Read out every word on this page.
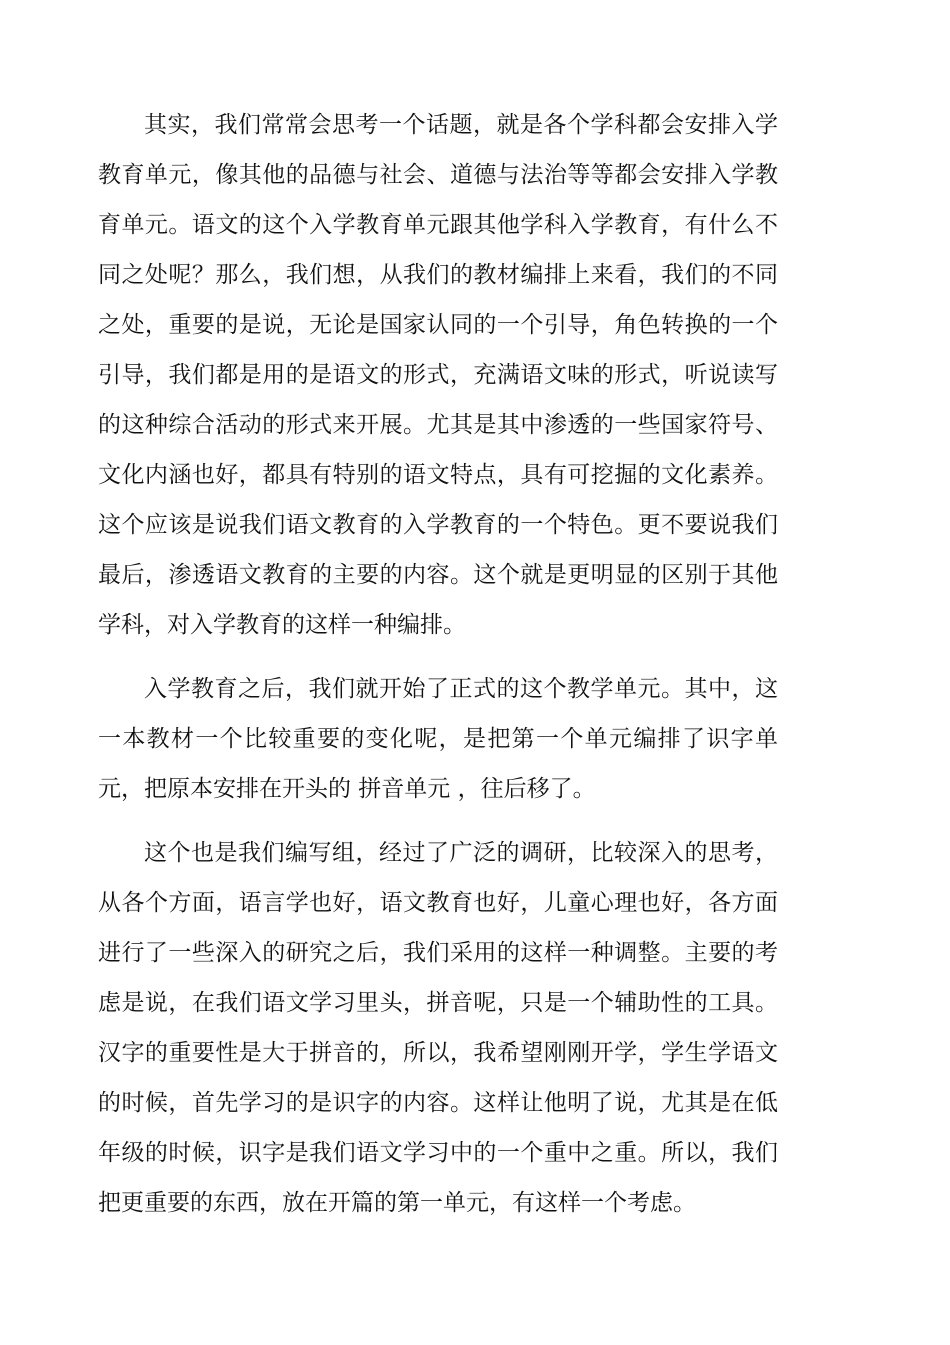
其实，我们常常会思考一个话题，就是各个学科都会安排入学教育单元，像其他的品德与社会、道德与法治等等都会安排入学教育单元。语文的这个入学教育单元跟其他学科入学教育，有什么不同之处呢？那么，我们想，从我们的教材编排上来看，我们的不同之处，重要的是说，无论是国家认同的一个引导，角色转换的一个引导，我们都是用的是语文的形式，充满语文味的形式，听说读写的这种综合活动的形式来开展。尤其是其中渗透的一些国家符号、文化内涵也好，都具有特别的语文特点，具有可挖掘的文化素养。这个应该是说我们语文教育的入学教育的一个特色。更不要说我们最后，渗透语文教育的主要的内容。这个就是更明显的区别于其他学科，对入学教育的这样一种编排。

入学教育之后，我们就开始了正式的这个教学单元。其中，这一本教材一个比较重要的变化呢，是把第一个单元编排了识字单元，把原本安排在开头的 拼音单元 ，往后移了。

这个也是我们编写组，经过了广泛的调研，比较深入的思考，从各个方面，语言学也好，语文教育也好，儿童心理也好，各方面进行了一些深入的研究之后，我们采用的这样一种调整。主要的考虑是说，在我们语文学习里头，拼音呢，只是一个辅助性的工具。汉字的重要性是大于拼音的，所以，我希望刚刚开学，学生学语文的时候，首先学习的是识字的内容。这样让他明了说，尤其是在低年级的时候，识字是我们语文学习中的一个重中之重。所以，我们把更重要的东西，放在开篇的第一单元，有这样一个考虑。
